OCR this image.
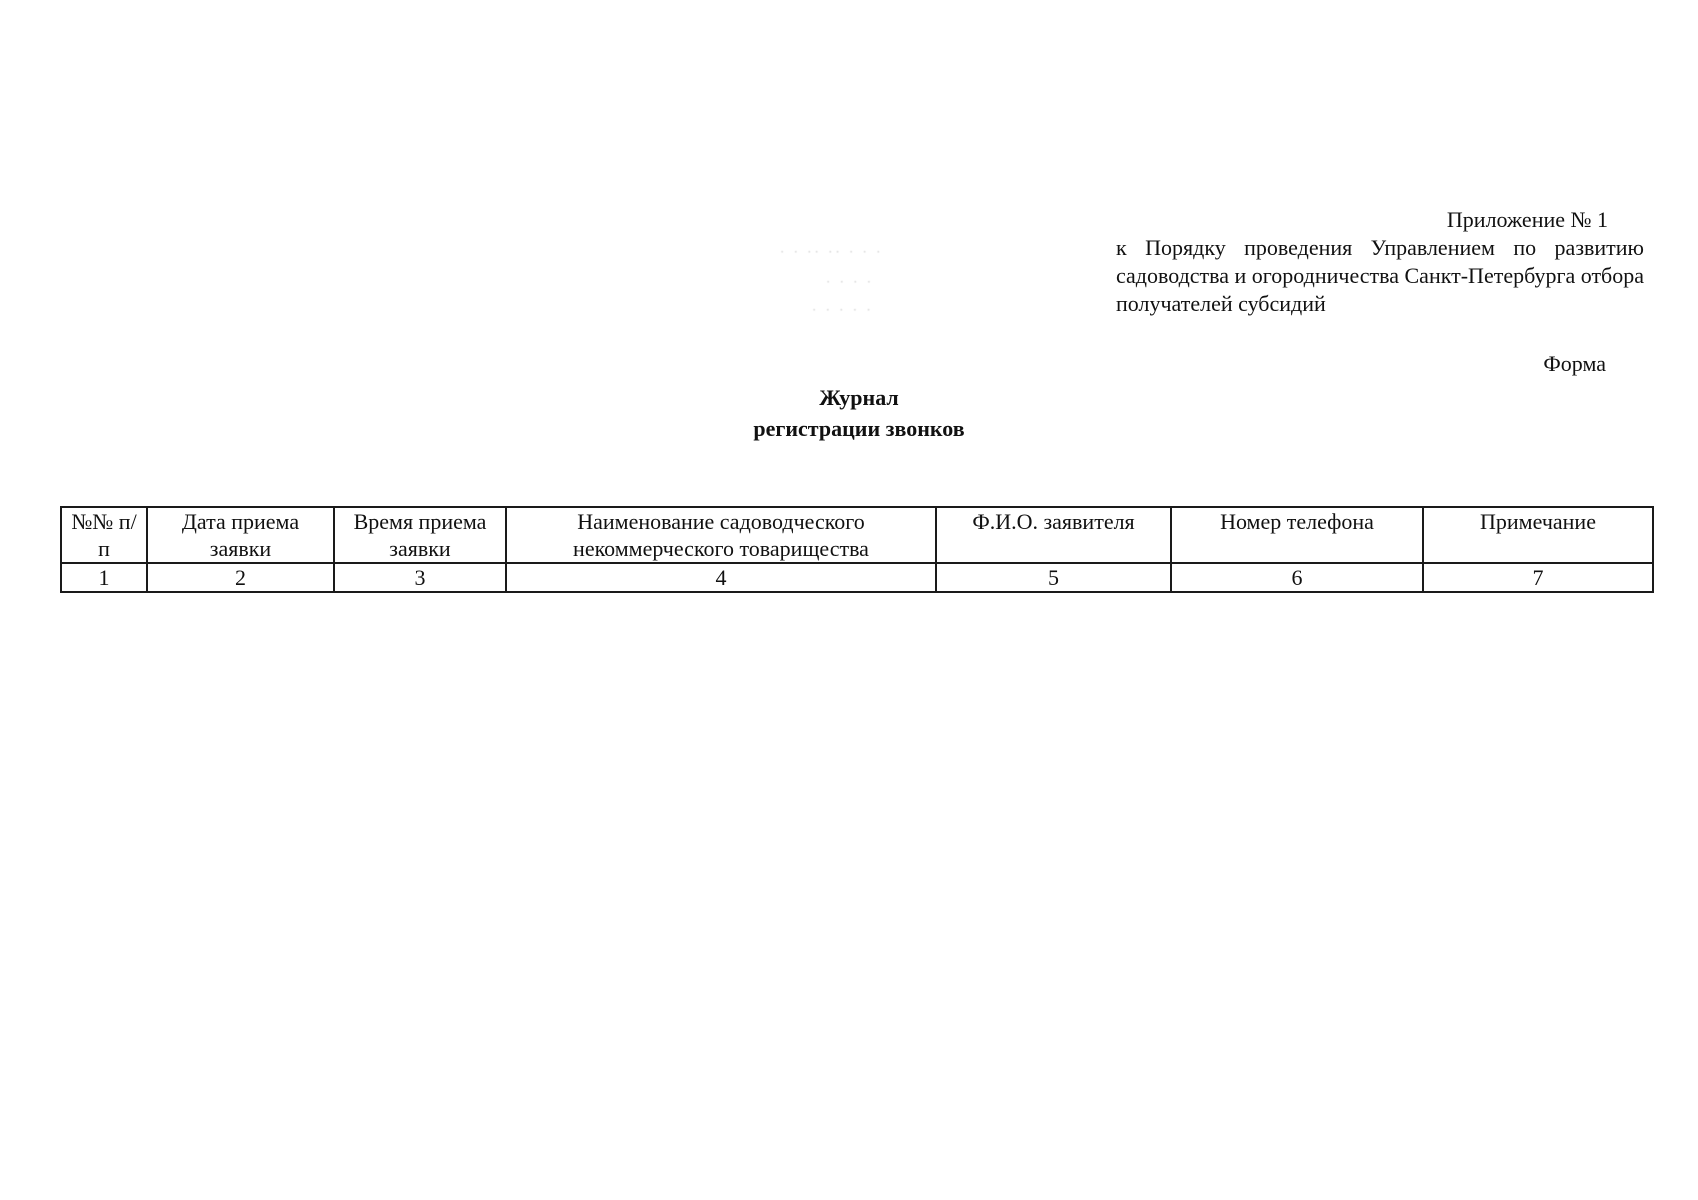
· · ·· ·· · · ·
· · · ·
· · · · ·
Приложение № 1
к Порядку проведения Управлением по развитию садоводства и огородничества Санкт-Петербурга отбора получателей субсидий
Форма
Журнал
регистрации звонков
№№ п/п	Дата приема заявки	Время приема заявки	Наименование садоводческого некоммерческого товарищества	Ф.И.О. заявителя	Номер телефона	Примечание
1	2	3	4	5	6	7
